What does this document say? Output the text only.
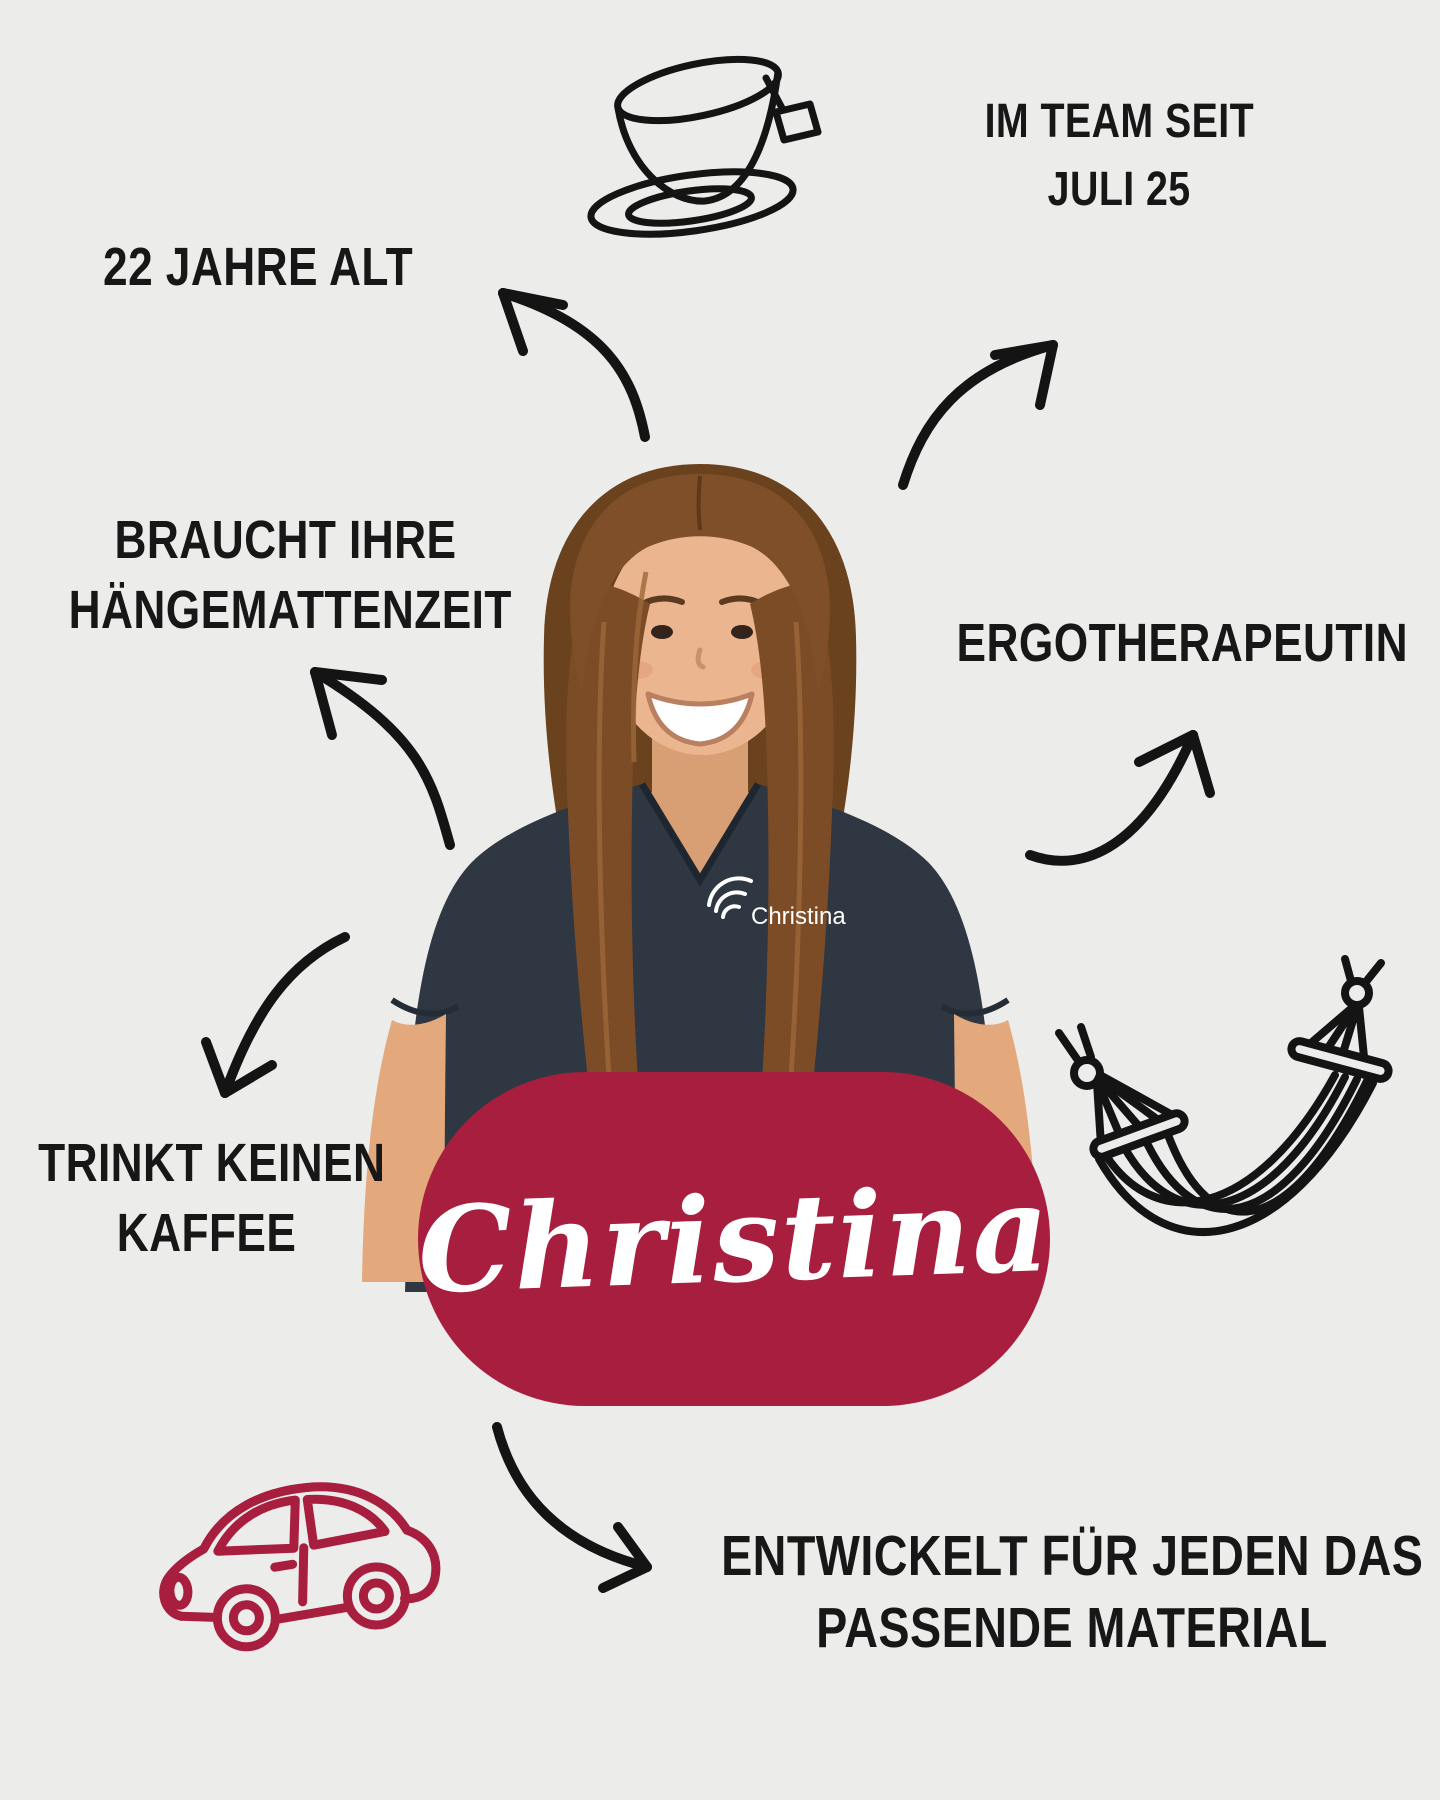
Christina
Christina
IM TEAM SEIT
JULI 25
22 JAHRE ALT
BRAUCHT IHRE
HÄNGEMATTENZEIT
ERGOTHERAPEUTIN
TRINKT KEINEN
KAFFEE
ENTWICKELT FÜR JEDEN DAS
PASSENDE MATERIAL
